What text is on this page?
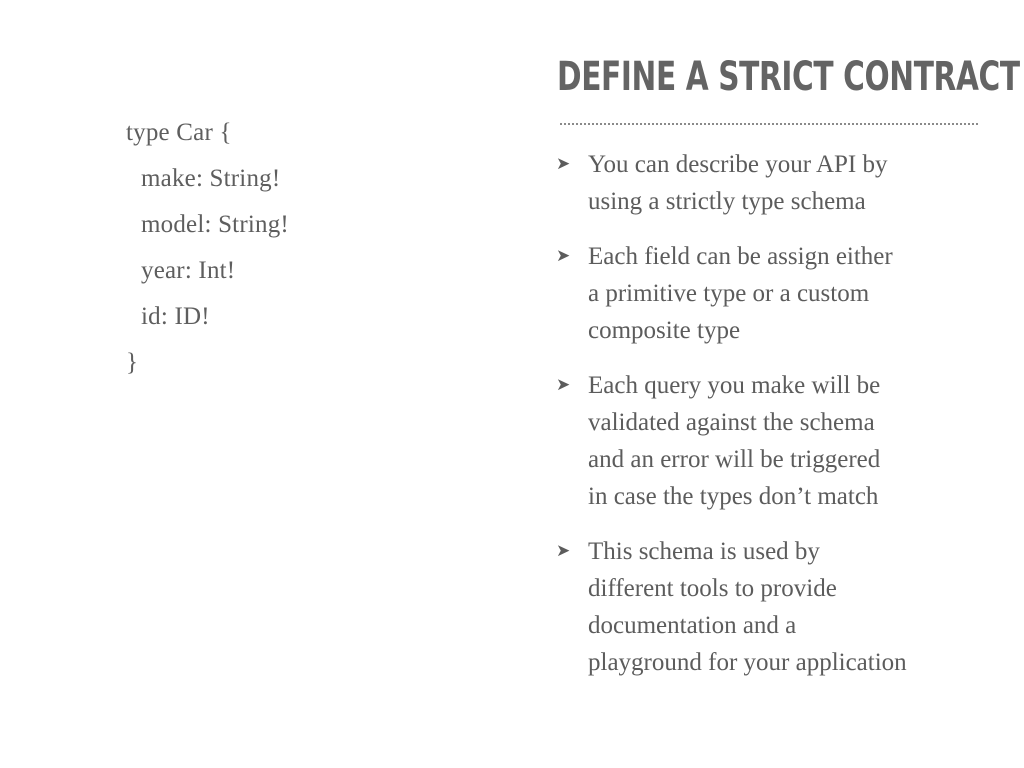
type Car {
make: String!
model: String!
year: Int!
id: ID!
}
DEFINE A STRICT CONTRACT
➤ You can describe your API by
using a strictly type schema
➤ Each field can be assign either
a primitive type or a custom
composite type
➤ Each query you make will be
validated against the schema
and an error will be triggered
in case the types don’t match
➤ This schema is used by
different tools to provide
documentation and a
playground for your application
